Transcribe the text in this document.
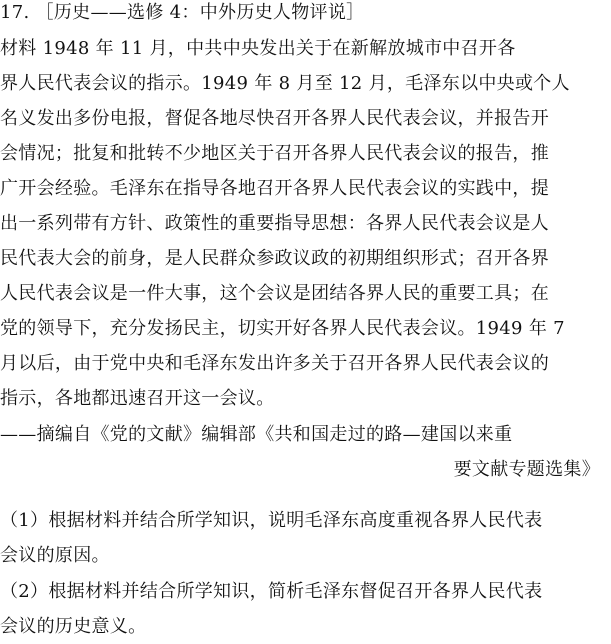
17. ［历史——选修 4：中外历史人物评说］
材料 1948 年 11 月，中共中央发出关于在新解放城市中召开各
界人民代表会议的指示。1949 年 8 月至 12 月，毛泽东以中央或个人
名义发出多份电报，督促各地尽快召开各界人民代表会议，并报告开
会情况；批复和批转不少地区关于召开各界人民代表会议的报告，推
广开会经验。毛泽东在指导各地召开各界人民代表会议的实践中，提
出一系列带有方针、政策性的重要指导思想：各界人民代表会议是人
民代表大会的前身，是人民群众参政议政的初期组织形式；召开各界
人民代表会议是一件大事，这个会议是团结各界人民的重要工具；在
党的领导下，充分发扬民主，切实开好各界人民代表会议。1949 年 7
月以后，由于党中央和毛泽东发出许多关于召开各界人民代表会议的
指示，各地都迅速召开这一会议。
——摘编自《党的文献》编辑部《共和国走过的路—建国以来重
要文献专题选集》
（1）根据材料并结合所学知识，说明毛泽东高度重视各界人民代表
会议的原因。
（2）根据材料并结合所学知识，简析毛泽东督促召开各界人民代表
会议的历史意义。
